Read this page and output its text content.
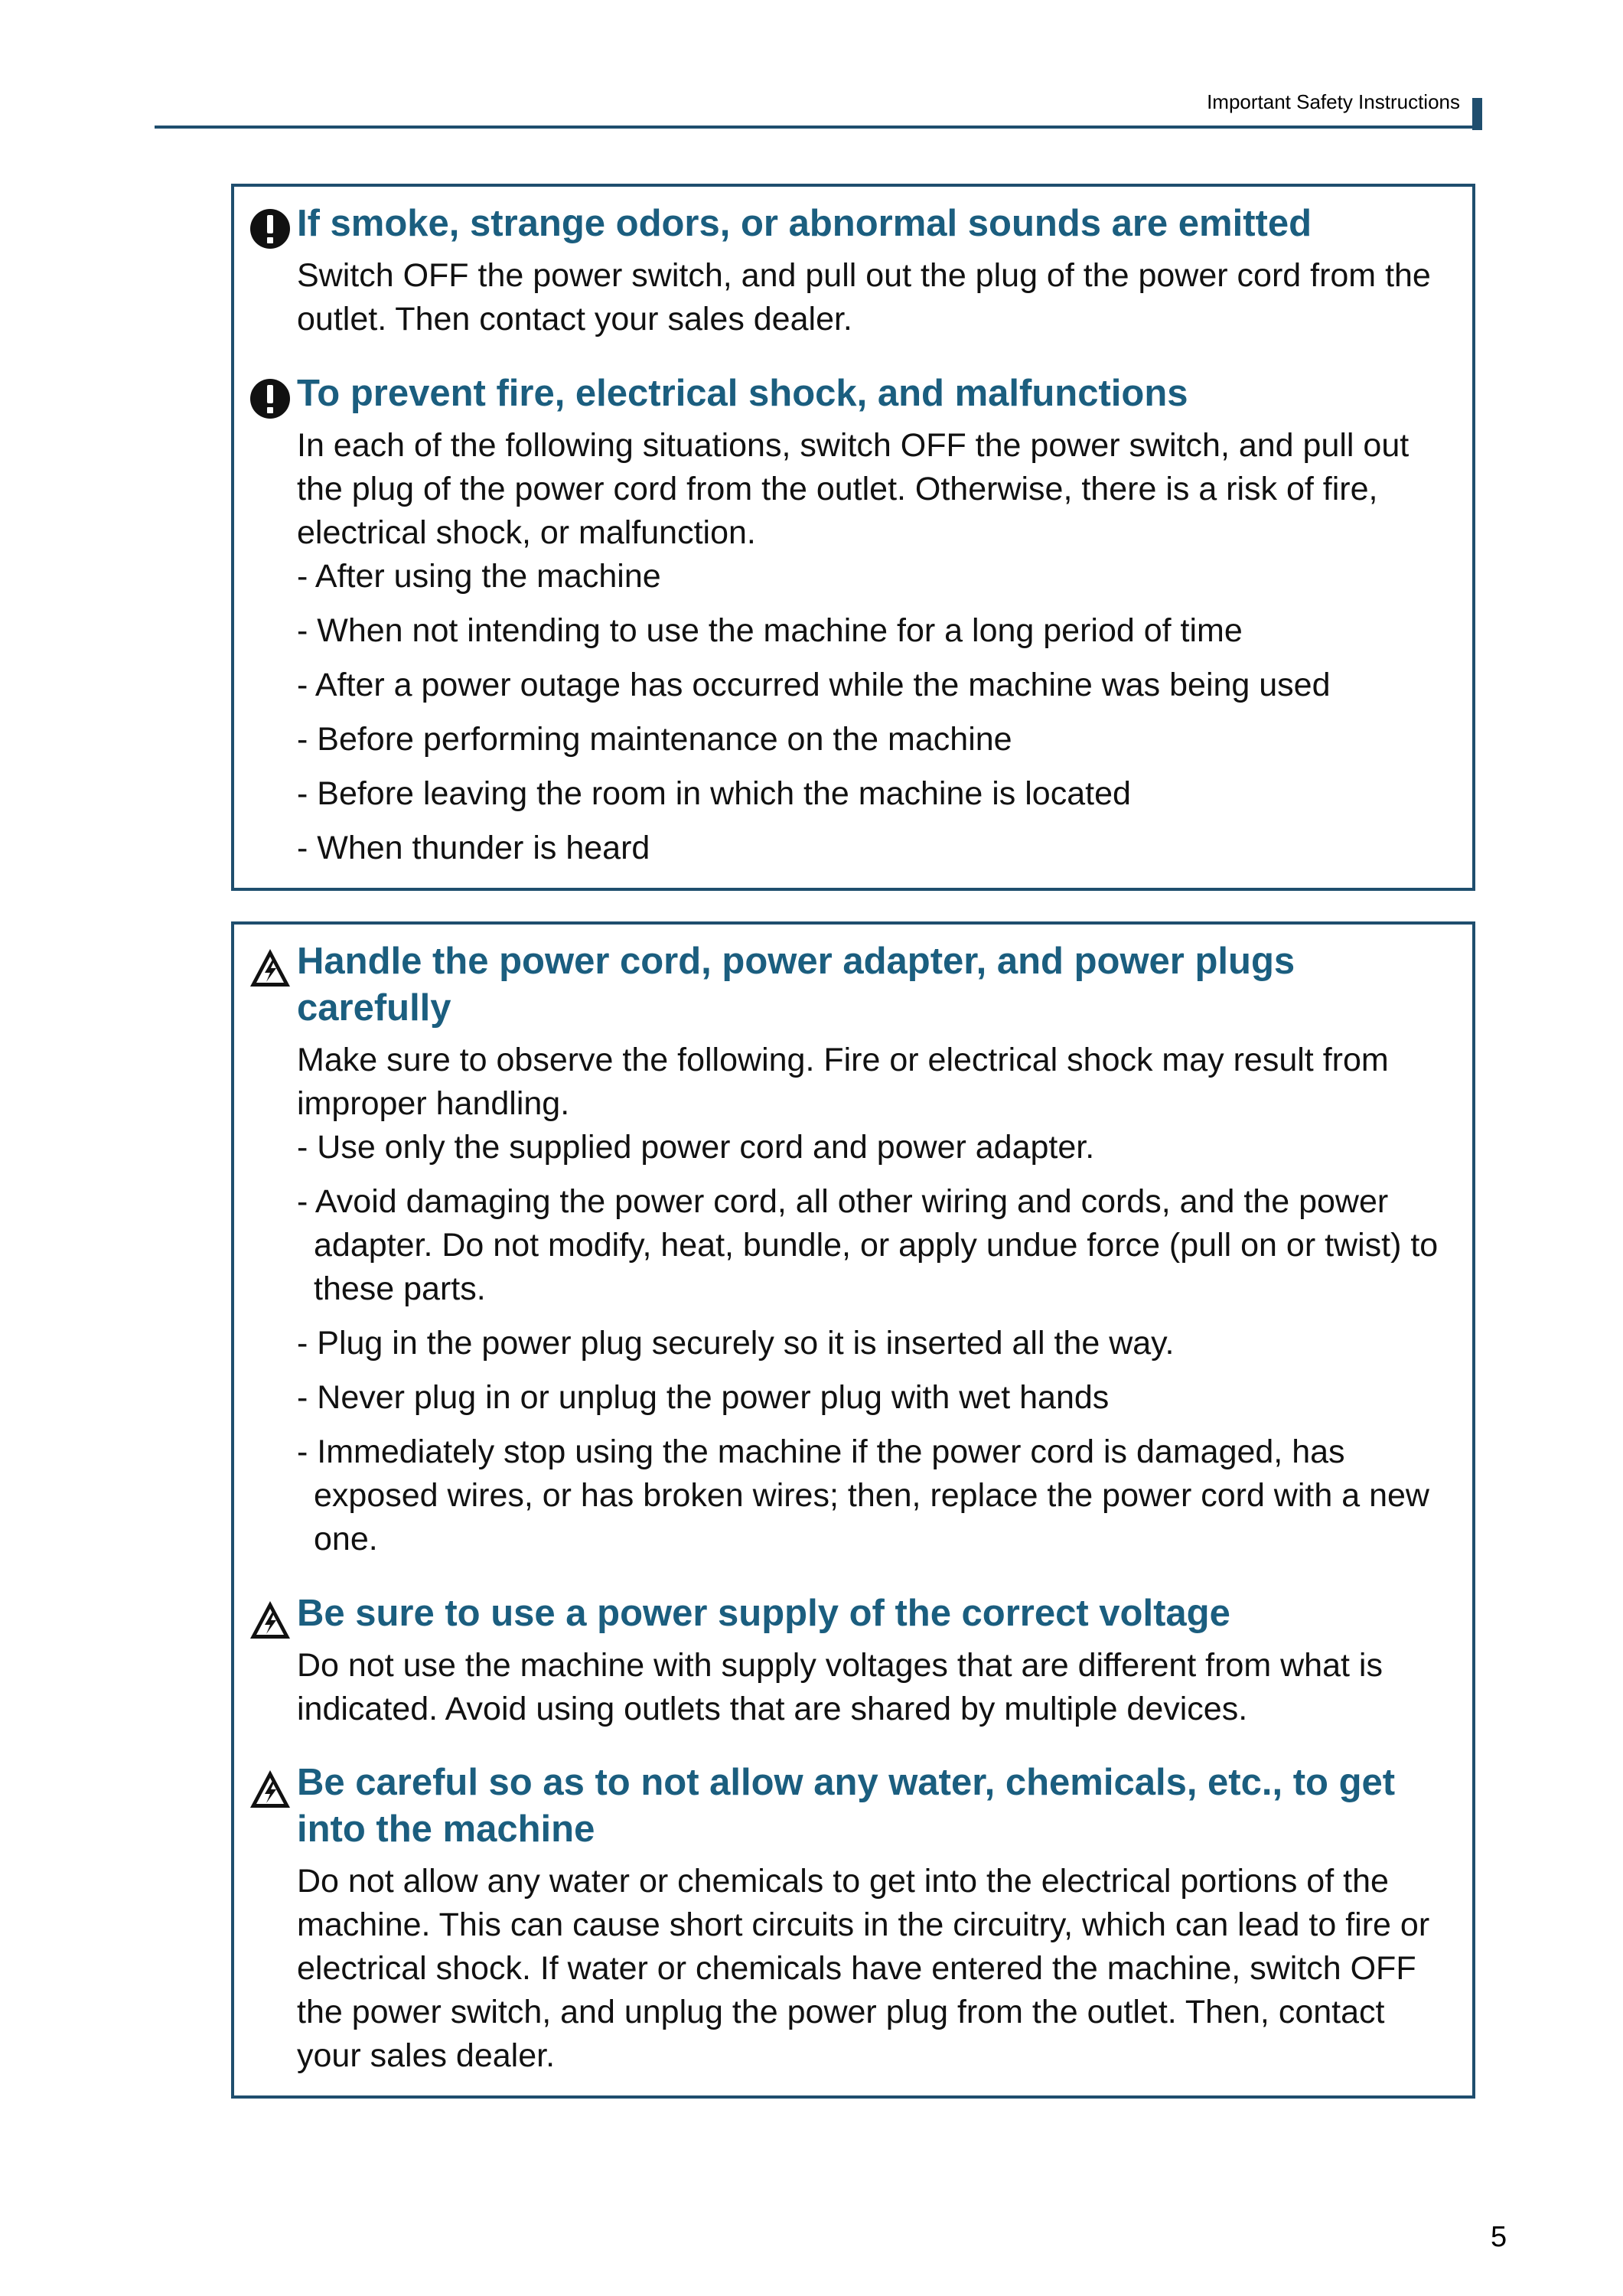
Important Safety Instructions
If smoke, strange odors, or abnormal sounds are emitted
Switch OFF the power switch, and pull out the plug of the power cord from the outlet. Then contact your sales dealer.
To prevent fire, electrical shock, and malfunctions
In each of the following situations, switch OFF the power switch, and pull out the plug of the power cord from the outlet. Otherwise, there is a risk of fire, electrical shock, or malfunction.
- After using the machine
- When not intending to use the machine for a long period of time
- After a power outage has occurred while the machine was being used
- Before performing maintenance on the machine
- Before leaving the room in which the machine is located
- When thunder is heard
Handle the power cord, power adapter, and power plugs carefully
Make sure to observe the following. Fire or electrical shock may result from improper handling.
- Use only the supplied power cord and power adapter.
- Avoid damaging the power cord, all other wiring and cords, and the power adapter. Do not modify, heat, bundle, or apply undue force (pull on or twist) to these parts.
- Plug in the power plug securely so it is inserted all the way.
- Never plug in or unplug the power plug with wet hands
- Immediately stop using the machine if the power cord is damaged, has exposed wires, or has broken wires; then, replace the power cord with a new one.
Be sure to use a power supply of the correct voltage
Do not use the machine with supply voltages that are different from what is indicated. Avoid using outlets that are shared by multiple devices.
Be careful so as to not allow any water, chemicals, etc., to get into the machine
Do not allow any water or chemicals to get into the electrical portions of the machine. This can cause short circuits in the circuitry, which can lead to fire or electrical shock. If water or chemicals have entered the machine, switch OFF the power switch, and unplug the power plug from the outlet. Then, contact your sales dealer.
5
